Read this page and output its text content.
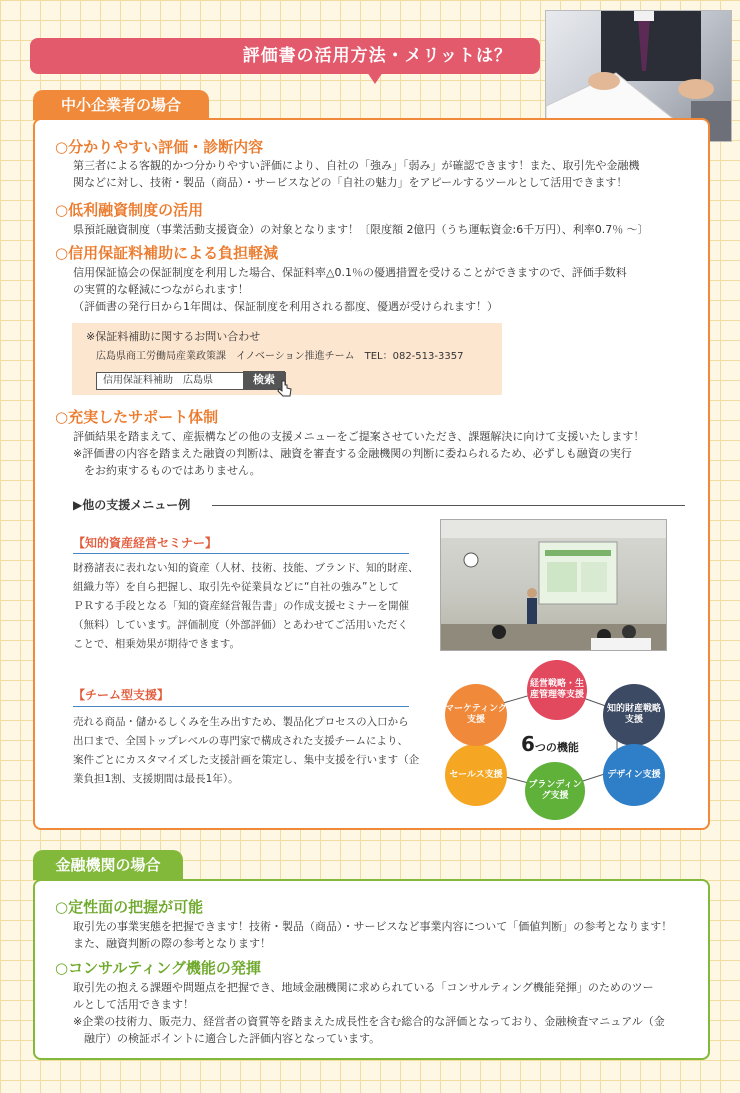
評価書の活用方法・メリットは？
中小企業者の場合
○分かりやすい評価・診断内容
第三者による客観的かつ分かりやすい評価により、自社の「強み」「弱み」が確認できます！また、取引先や金融機
関などに対し、技術・製品（商品）・サービスなどの「自社の魅力」をアピールするツールとして活用できます！
○低利融資制度の活用
県預託融資制度（事業活動支援資金）の対象となります！〔限度額 2億円（うち運転資金:6千万円）、利率0.7％ ～〕
○信用保証料補助による負担軽減
信用保証協会の保証制度を利用した場合、保証料率△0.1％の優遇措置を受けることができますので、評価手数料
の実質的な軽減につながられます！
（評価書の発行日から1年間は、保証制度を利用される都度、優遇が受けられます！）
※保証料補助に関するお問い合わせ
広島県商工労働局産業政策課　イノベーション推進チーム　TEL：082-513-3357
信用保証料補助　広島県	検索
○充実したサポート体制
評価結果を踏まえて、産振構などの他の支援メニューをご提案させていただき、課題解決に向けて支援いたします！
※評価書の内容を踏まえた融資の判断は、融資を審査する金融機関の判断に委ねられるため、必ずしも融資の実行
　をお約束するものではありません。
▶他の支援メニュー例
【知的資産経営セミナー】
財務諸表に表れない知的資産（人材、技術、技能、ブランド、知的財産、
組織力等）を自ら把握し、取引先や従業員などに“自社の強み”として
ＰＲする手段となる「知的資産経営報告書」の作成支援セミナーを開催
（無料）しています。評価制度（外部評価）とあわせてご活用いただく
ことで、相乗効果が期待できます。
【チーム型支援】
売れる商品・儲かるしくみを生み出すため、製品化プロセスの入口から
出口まで、全国トップレベルの専門家で構成された支援チームにより、
案件ごとにカスタマイズした支援計画を策定し、集中支援を行います（企
業負担1割、支援期間は最長1年）。
経営戦略・生産管理等支援
知的財産戦略支援
デザイン支援
ブランディング支援
セールス支援
マーケティング支援
6つの機能
金融機関の場合
○定性面の把握が可能
取引先の事業実態を把握できます！技術・製品（商品）・サービスなど事業内容について「価値判断」の参考となります！
また、融資判断の際の参考となります！
○コンサルティング機能の発揮
取引先の抱える課題や問題点を把握でき、地域金融機関に求められている「コンサルティング機能発揮」のためのツー
ルとして活用できます！
※企業の技術力、販売力、経営者の資質等を踏まえた成長性を含む総合的な評価となっており、金融検査マニュアル（金
　融庁）の検証ポイントに適合した評価内容となっています。
